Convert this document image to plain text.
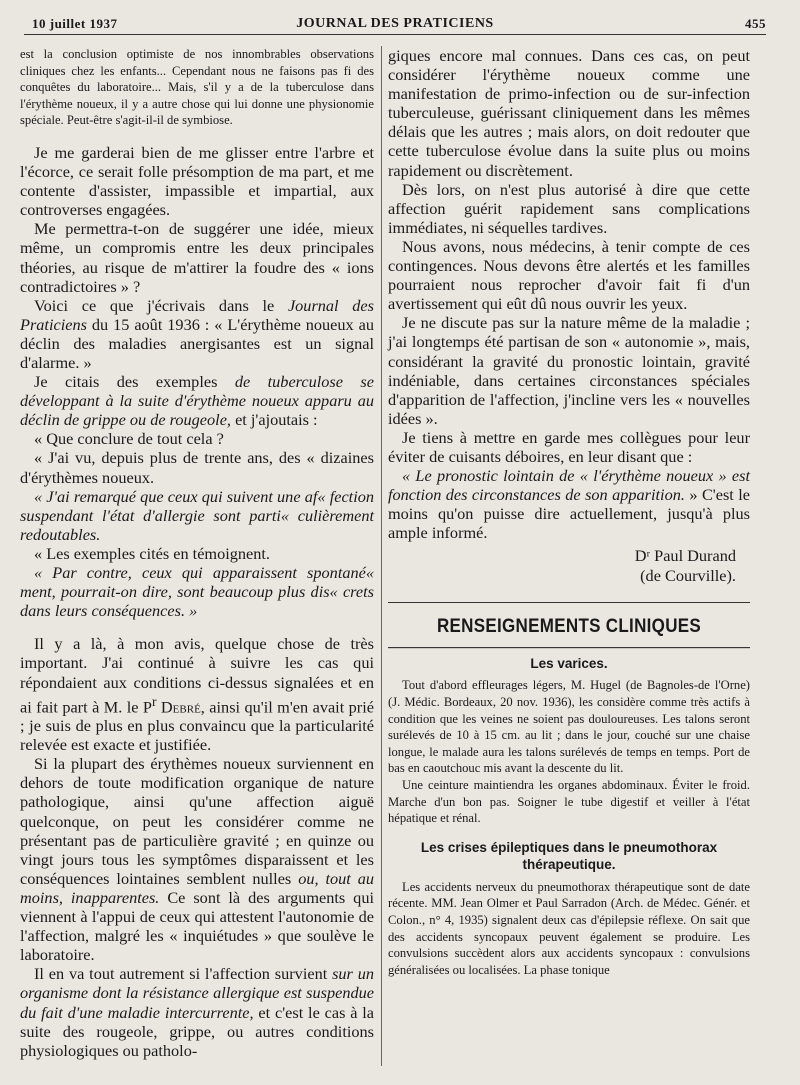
10 juillet 1937	JOURNAL DES PRATICIENS	455

est la conclusion optimiste de nos innombrables observations cliniques chez les enfants... Cependant nous ne faisons pas fi des conquêtes du laboratoire... Mais, s'il y a de la tuberculose dans l'érythème noueux, il y a autre chose qui lui donne une physionomie spéciale. Peut-être s'agit-il-il de symbiose.

Je me garderai bien de me glisser entre l'arbre et l'écorce, ce serait folle présomption de ma part, et me contente d'assister, impassible et impartial, aux controverses engagées.

Me permettra-t-on de suggérer une idée, mieux même, un compromis entre les deux principales théories, au risque de m'attirer la foudre des « ions contradictoires » ?

Voici ce que j'écrivais dans le Journal des Praticiens du 15 août 1936 : « L'érythème noueux au déclin des maladies anergisantes est un signal d'alarme. »

Je citais des exemples de tuberculose se développant à la suite d'érythème noueux apparu au déclin de grippe ou de rougeole, et j'ajoutais :

« Que conclure de tout cela ?

« J'ai vu, depuis plus de trente ans, des « dizaines d'érythèmes noueux.

« J'ai remarqué que ceux qui suivent une af« fection suspendant l'état d'allergie sont parti« culièrement redoutables.

« Les exemples cités en témoignent.

« Par contre, ceux qui apparaissent spontané« ment, pourrait-on dire, sont beaucoup plus dis« crets dans leurs conséquences. »

Il y a là, à mon avis, quelque chose de très important. J'ai continué à suivre les cas qui répondaient aux conditions ci-dessus signalées et en ai fait part à M. le $P^r$ Debré, ainsi qu'il m'en avait prié ; je suis de plus en plus convaincu que la particularité relevée est exacte et justifiée.

Si la plupart des érythèmes noueux surviennent en dehors de toute modification organique de nature pathologique, ainsi qu'une affection aiguë quelconque, on peut les considérer comme ne présentant pas de particulière gravité ; en quinze ou vingt jours tous les symptômes disparaissent et les conséquences lointaines semblent nulles ou, tout au moins, inapparentes. Ce sont là des arguments qui viennent à l'appui de ceux qui attestent l'autonomie de l'affection, malgré les « inquiétudes » que soulève le laboratoire.

Il en va tout autrement si l'affection survient sur un organisme dont la résistance allergique est suspendue du fait d'une maladie intercurrente, et c'est le cas à la suite des rougeole, grippe, ou autres conditions physiologiques ou patholo-

giques encore mal connues. Dans ces cas, on peut considérer l'érythème noueux comme une manifestation de primo-infection ou de sur-infection tuberculeuse, guérissant cliniquement dans les mêmes délais que les autres ; mais alors, on doit redouter que cette tuberculose évolue dans la suite plus ou moins rapidement ou discrètement.

Dès lors, on n'est plus autorisé à dire que cette affection guérit rapidement sans complications immédiates, ni séquelles tardives.

Nous avons, nous médecins, à tenir compte de ces contingences. Nous devons être alertés et les familles pourraient nous reprocher d'avoir fait fi d'un avertissement qui eût dû nous ouvrir les yeux.

Je ne discute pas sur la nature même de la maladie ; j'ai longtemps été partisan de son « autonomie », mais, considérant la gravité du pronostic lointain, gravité indéniable, dans certaines circonstances spéciales d'apparition de l'affection, j'incline vers les « nouvelles idées ».

Je tiens à mettre en garde mes collègues pour leur éviter de cuisants déboires, en leur disant que :

« Le pronostic lointain de « l'érythème noueux » est fonction des circonstances de son apparition. » C'est le moins qu'on puisse dire actuellement, jusqu'à plus ample informé.

Dʳ Paul Durand
(de Courville).
RENSEIGNEMENTS CLINIQUES
Les varices.

Tout d'abord effleurages légers, M. Hugel (de Bagnoles-de l'Orne) (J. Médic. Bordeaux, 20 nov. 1936), les considère comme très actifs à condition que les veines ne soient pas douloureuses. Les talons seront surélevés de 10 à 15 cm. au lit ; dans le jour, couché sur une chaise longue, le malade aura les talons surélevés de temps en temps. Port de bas en caoutchouc mis avant la descente du lit.

Une ceinture maintiendra les organes abdominaux. Éviter le froid. Marche d'un bon pas. Soigner le tube digestif et veiller à l'état hépatique et rénal.

Les crises épileptiques dans le pneumothorax thérapeutique.

Les accidents nerveux du pneumothorax thérapeutique sont de date récente. MM. Jean Olmer et Paul Sarradon (Arch. de Médec. Génér. et Colon., n° 4, 1935) signalent deux cas d'épilepsie réflexe. On sait que des accidents syncopaux peuvent également se produire. Les convulsions succèdent alors aux accidents syncopaux : convulsions généralisées ou localisées. La phase tonique
